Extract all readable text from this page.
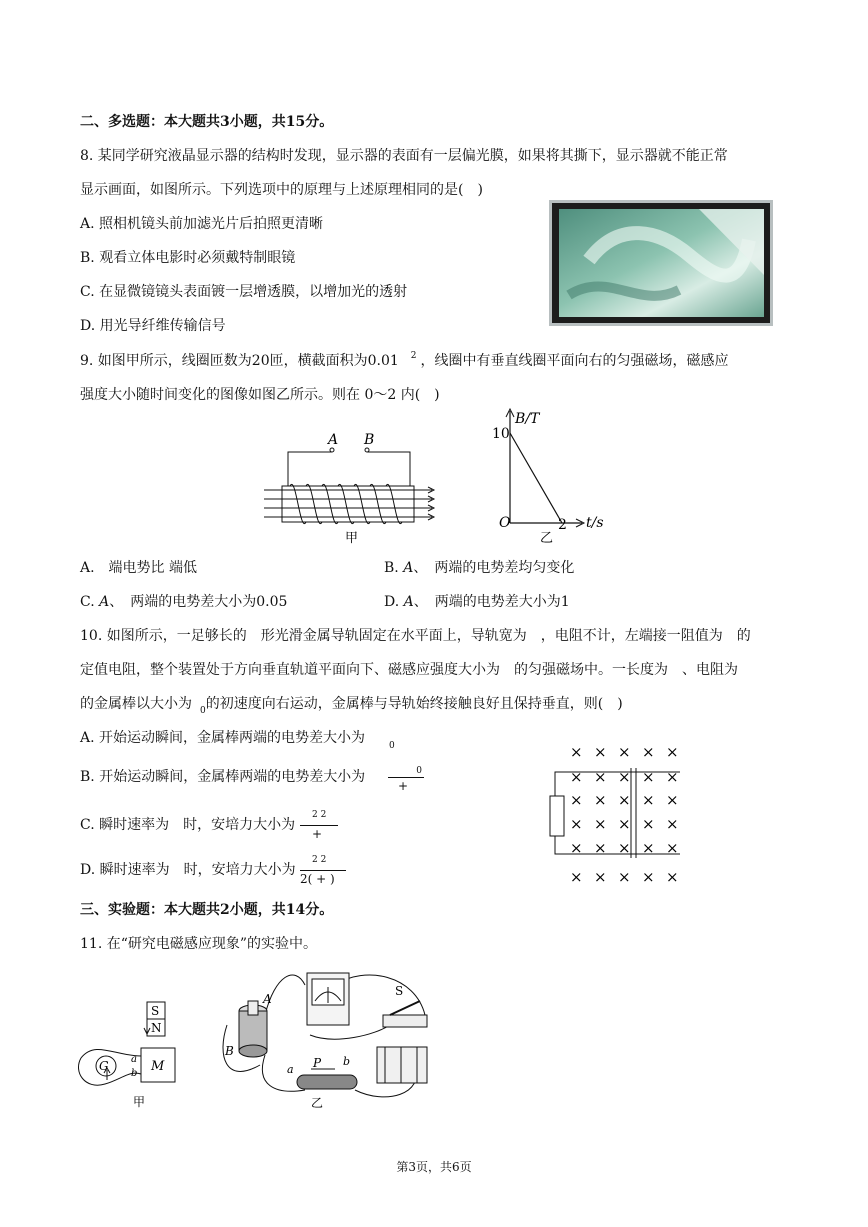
二、多选题：本大题共3小题，共15分。
8. 某同学研究液晶显示器的结构时发现，显示器的表面有一层偏光膜，如果将其撕下，显示器就不能正常
显示画面，如图所示。下列选项中的原理与上述原理相同的是(　)
A. 照相机镜头前加滤光片后拍照更清晰
B. 观看立体电影时必须戴特制眼镜
C. 在显微镜镜头表面镀一层增透膜，以增加光的透射
D. 用光导纤维传输信号
9. 如图甲所示，线圈匝数为20匝，横截面积为0.01 $^2$ ，线圈中有垂直线圈平面向右的匀强磁场，磁感应
强度大小随时间变化的图像如图乙所示。则在 0～2 内(　)
A B
甲
B/T
10
O	2 t/s
乙
A.　端电势比 端低	B. A、　两端的电势差均匀变化
C. A、　两端的电势差大小为0.05	D. A、　两端的电势差大小为1
10. 如图所示，一足够长的　形光滑金属导轨固定在水平面上，导轨宽为　，电阻不计，左端接一阻值为　的
定值电阻，整个装置处于方向垂直轨道平面向下、磁感应强度大小为　的匀强磁场中。一长度为　、电阻为
的金属棒以大小为 $_0$的初速度向右运动，金属棒与导轨始终接触良好且保持垂直，则(　)
A. 开始运动瞬间，金属棒两端的电势差大小为	$_0$
B. 开始运动瞬间，金属棒两端的电势差大小为	0
+
C. 瞬时速率为　时，安培力大小为
2 2
+
D. 瞬时速率为　时，安培力大小为
2 2
2( + )
× × × × ×
× × × × ×
× × × × ×
× × × × ×
× × × × ×
× × × × ×
三、实验题：本大题共2小题，共14分。
11. 在“研究电磁感应现象”的实验中。
S
N
M
G a
b
甲
A
B
S
P
a
b
乙
第3页，共6页
